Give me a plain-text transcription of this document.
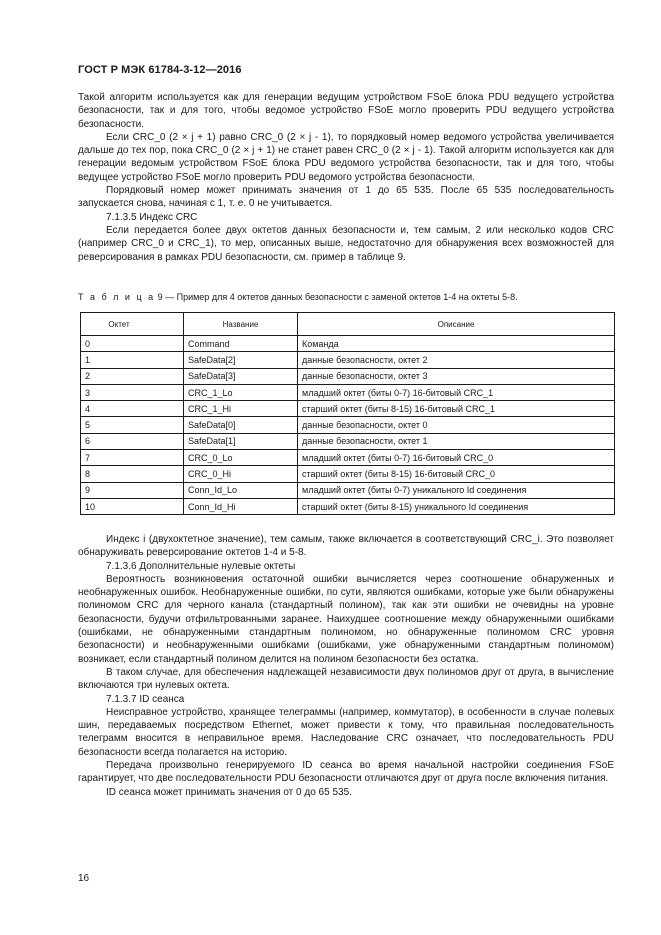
ГОСТ Р МЭК 61784-3-12—2016

Такой алгоритм используется как для генерации ведущим устройством FSoE блока PDU ведущего устройства безопасности, так и для того, чтобы ведомое устройство FSoE могло проверить PDU ведущего устройства безопасности.

Если CRC_0 (2 × j + 1) равно CRC_0 (2 × j - 1), то порядковый номер ведомого устройства увеличивается дальше до тех пор, пока CRC_0 (2 × j + 1) не станет равен CRC_0 (2 × j - 1). Такой алгоритм используется как для генерации ведомым устройством FSoE блока PDU ведомого устройства безопасности, так и для того, чтобы ведущее устройство FSoE могло проверить PDU ведомого устройства безопасности.

Порядковый номер может принимать значения от 1 до 65 535. После 65 535 последовательность запускается снова, начиная с 1, т. е. 0 не учитывается.

7.1.3.5 Индекс CRC

Если передается более двух октетов данных безопасности и, тем самым, 2 или несколько кодов CRC (например CRC_0 и CRC_1), то мер, описанных выше, недостаточно для обнаружения всех возможностей для реверсирования в рамках PDU безопасности, см. пример в таблице 9.

Т а б л и ц а 9 — Пример для 4 октетов данных безопасности с заменой октетов 1-4 на октеты 5-8.
Октет	Название	Описание
0	Command	Команда
1	SafeData[2]	данные безопасности, октет 2
2	SafeData[3]	данные безопасности, октет 3
3	CRC_1_Lo	младший октет (биты 0-7) 16-битовый CRC_1
4	CRC_1_Hi	старший октет (биты 8-15) 16-битовый CRC_1
5	SafeData[0]	данные безопасности, октет 0
6	SafeData[1]	данные безопасности, октет 1
7	CRC_0_Lo	младший октет (биты 0-7) 16-битовый CRC_0
8	CRC_0_Hi	старший октет (биты 8-15) 16-битовый CRC_0
9	Conn_Id_Lo	младший октет (биты 0-7) уникального Id соединения
10	Conn_Id_Hi	старший октет (биты 8-15) уникального Id соединения

Индекс i (двухоктетное значение), тем самым, также включается в соответствующий CRC_i. Это позволяет обнаруживать реверсирование октетов 1-4 и 5-8.

7.1.3.6 Дополнительные нулевые октеты

Вероятность возникновения остаточной ошибки вычисляется через соотношение обнаруженных и необнаруженных ошибок. Необнаруженные ошибки, по сути, являются ошибками, которые уже были обнаружены полиномом CRC для черного канала (стандартный полином), так как эти ошибки не очевидны на уровне безопасности, будучи отфильтрованными заранее. Наихудшее соотношение между обнаруженными ошибками (ошибками, не обнаруженными стандартным полиномом, но обнаруженные полиномом CRC уровня безопасности) и необнаруженными ошибками (ошибками, уже обнаруженными стандартным полиномом) возникает, если стандартный полином делится на полином безопасности без остатка.

В таком случае, для обеспечения надлежащей независимости двух полиномов друг от друга, в вычисление включаются три нулевых октета.

7.1.3.7 ID сеанса

Неисправное устройство, хранящее телеграммы (например, коммутатор), в особенности в случае полевых шин, передаваемых посредством Ethernet, может привести к тому, что правильная последовательность телеграмм вносится в неправильное время. Наследование CRC означает, что последовательность PDU безопасности всегда полагается на историю.

Передача произвольно генерируемого ID сеанса во время начальной настройки соединения FSoE гарантирует, что две последовательности PDU безопасности отличаются друг от друга после включения питания.

ID сеанса может принимать значения от 0 до 65 535.

16
